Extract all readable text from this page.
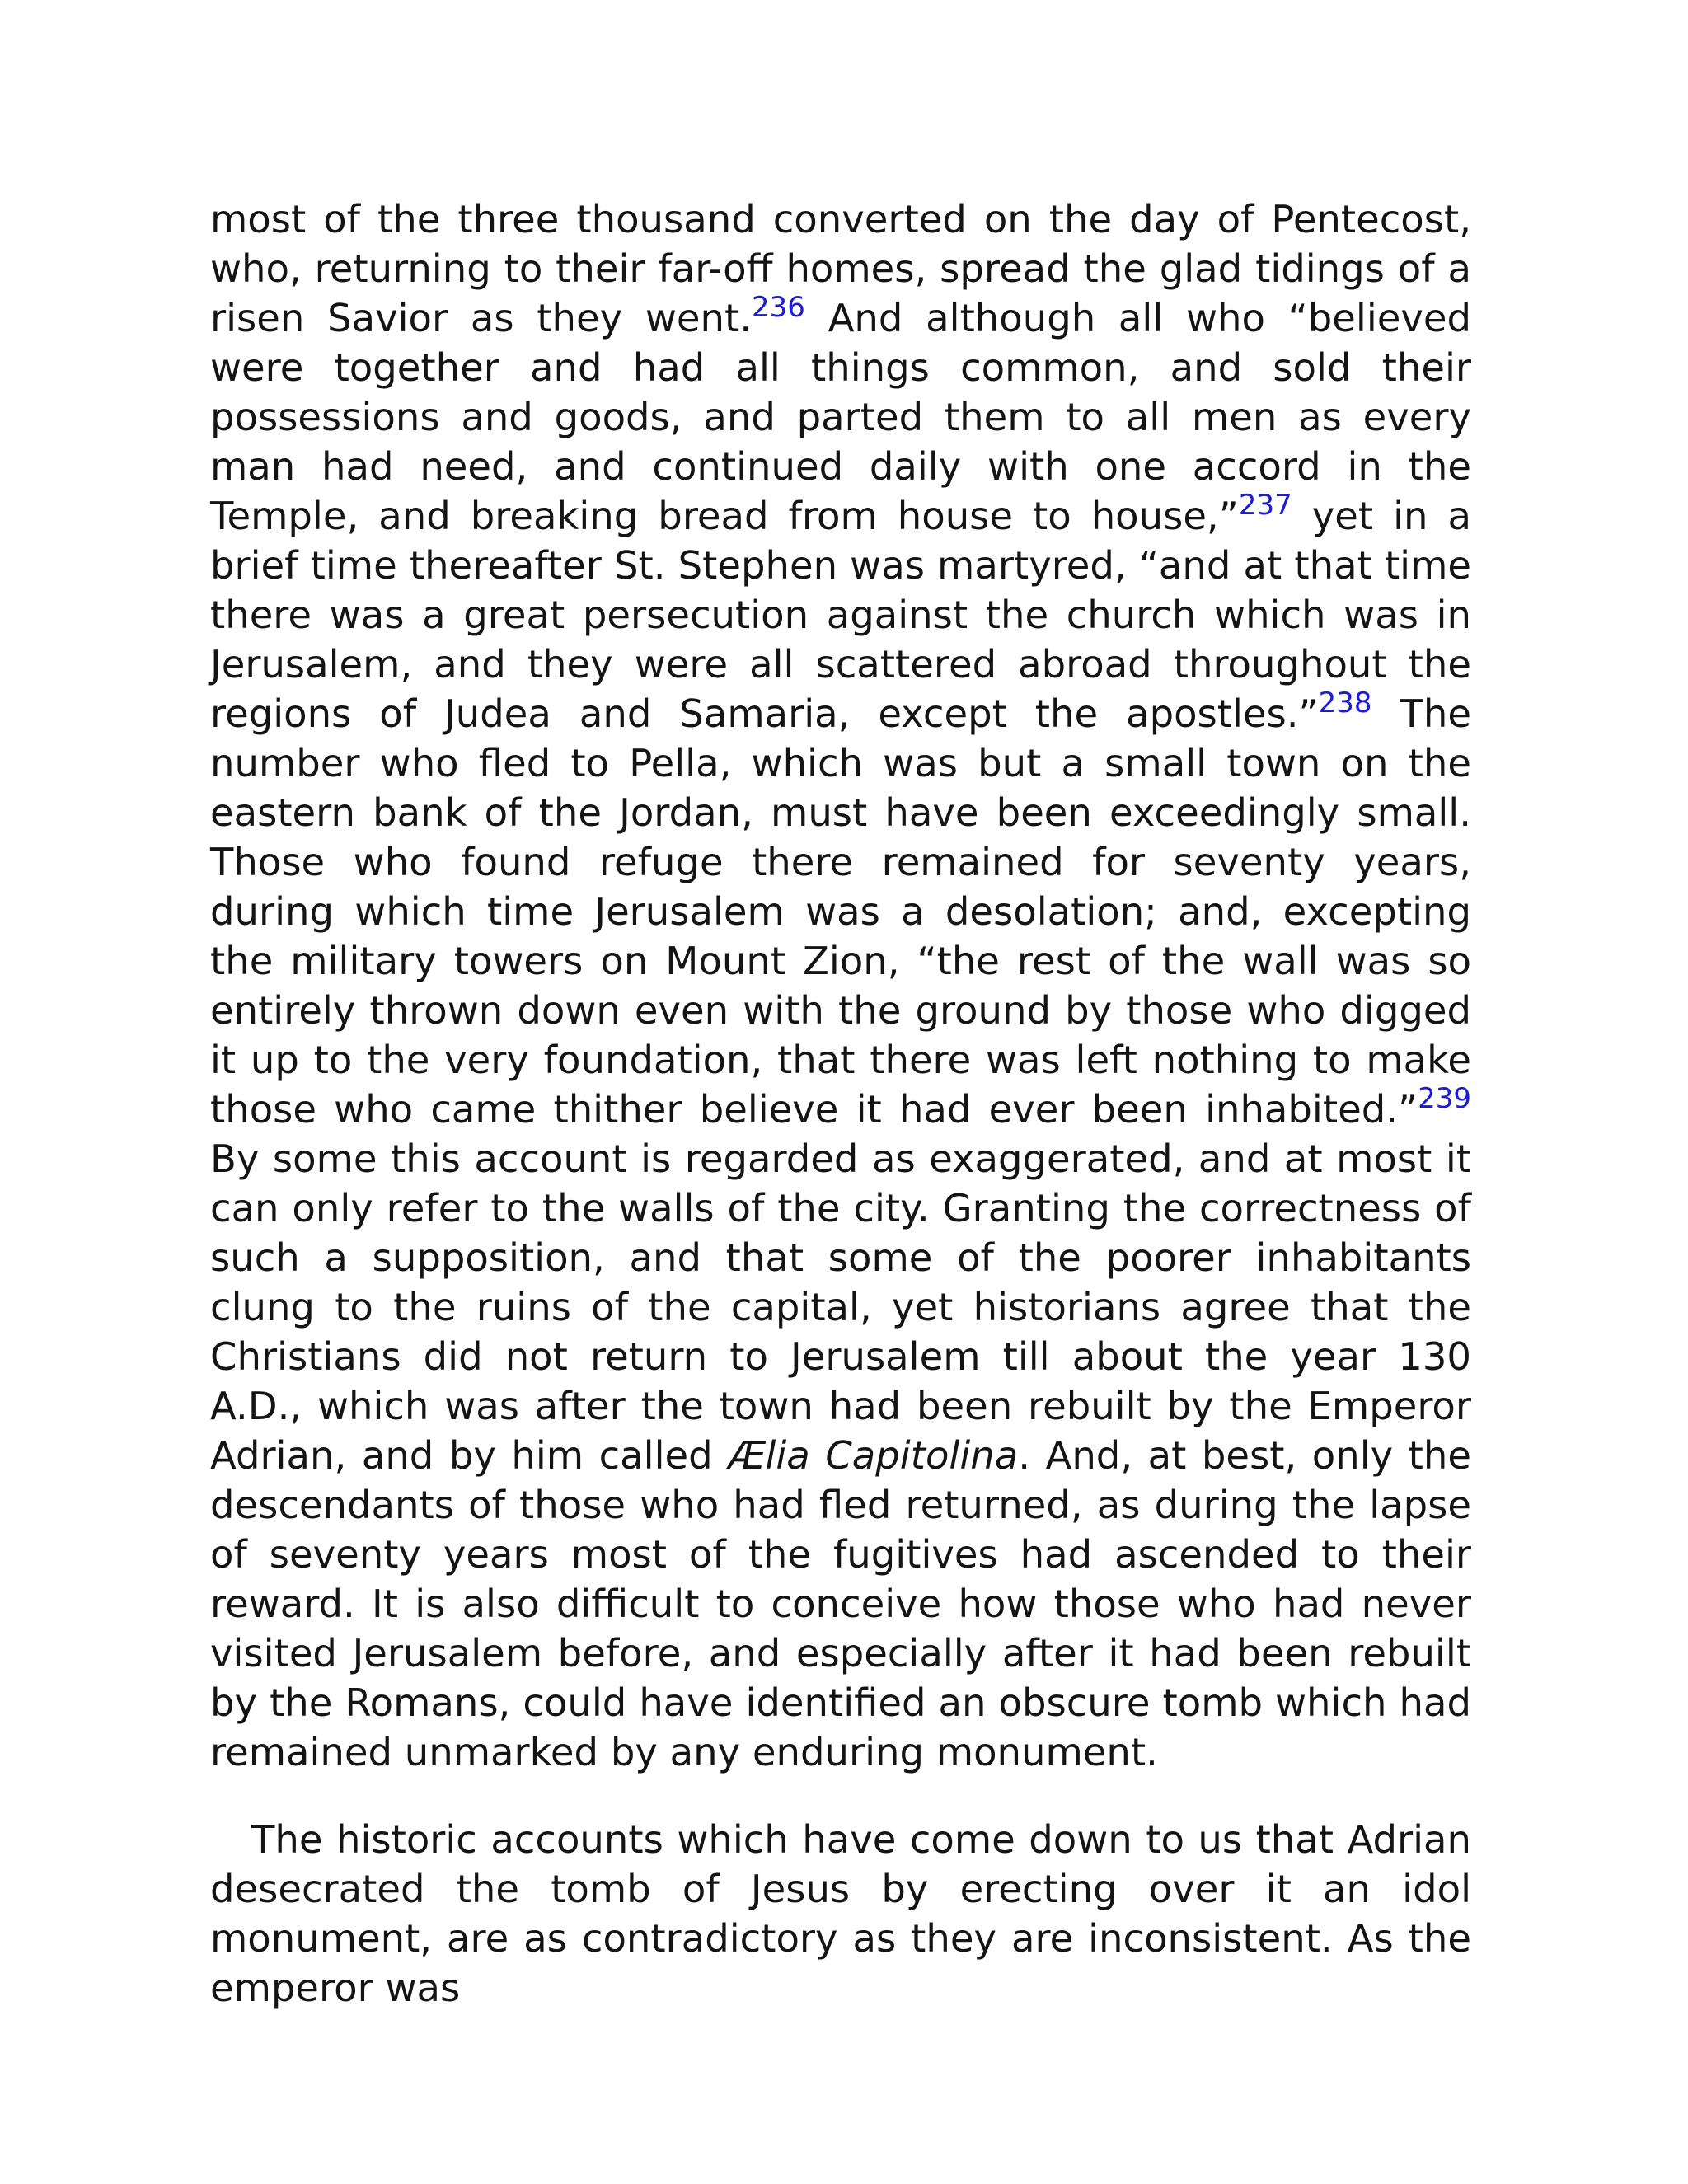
most of the three thousand converted on the day of Pentecost, who, returning to their far-off homes, spread the glad tidings of a risen Savior as they went.$^{236}$ And although all who “believed were together and had all things common, and sold their possessions and goods, and parted them to all men as every man had need, and continued daily with one accord in the Temple, and breaking bread from house to house,”$^{237}$ yet in a brief time thereafter St. Stephen was martyred, “and at that time there was a great persecution against the church which was in Jerusalem, and they were all scattered abroad throughout the regions of Judea and Samaria, except the apostles.”$^{238}$ The number who fled to Pella, which was but a small town on the eastern bank of the Jordan, must have been exceedingly small. Those who found refuge there remained for seventy years, during which time Jerusalem was a desolation; and, excepting the military towers on Mount Zion, “the rest of the wall was so entirely thrown down even with the ground by those who digged it up to the very foundation, that there was left nothing to make those who came thither believe it had ever been inhabited.”$^{239}$ By some this account is regarded as exaggerated, and at most it can only refer to the walls of the city. Granting the correctness of such a supposition, and that some of the poorer inhabitants clung to the ruins of the capital, yet historians agree that the Christians did not return to Jerusalem till about the year 130 A.D., which was after the town had been rebuilt by the Emperor Adrian, and by him called Ælia Capitolina. And, at best, only the descendants of those who had fled returned, as during the lapse of seventy years most of the fugitives had ascended to their reward. It is also difficult to conceive how those who had never visited Jerusalem before, and especially after it had been rebuilt by the Romans, could have identified an obscure tomb which had remained unmarked by any enduring monument.

The historic accounts which have come down to us that Adrian desecrated the tomb of Jesus by erecting over it an idol monument, are as contradictory as they are inconsistent. As the emperor was
